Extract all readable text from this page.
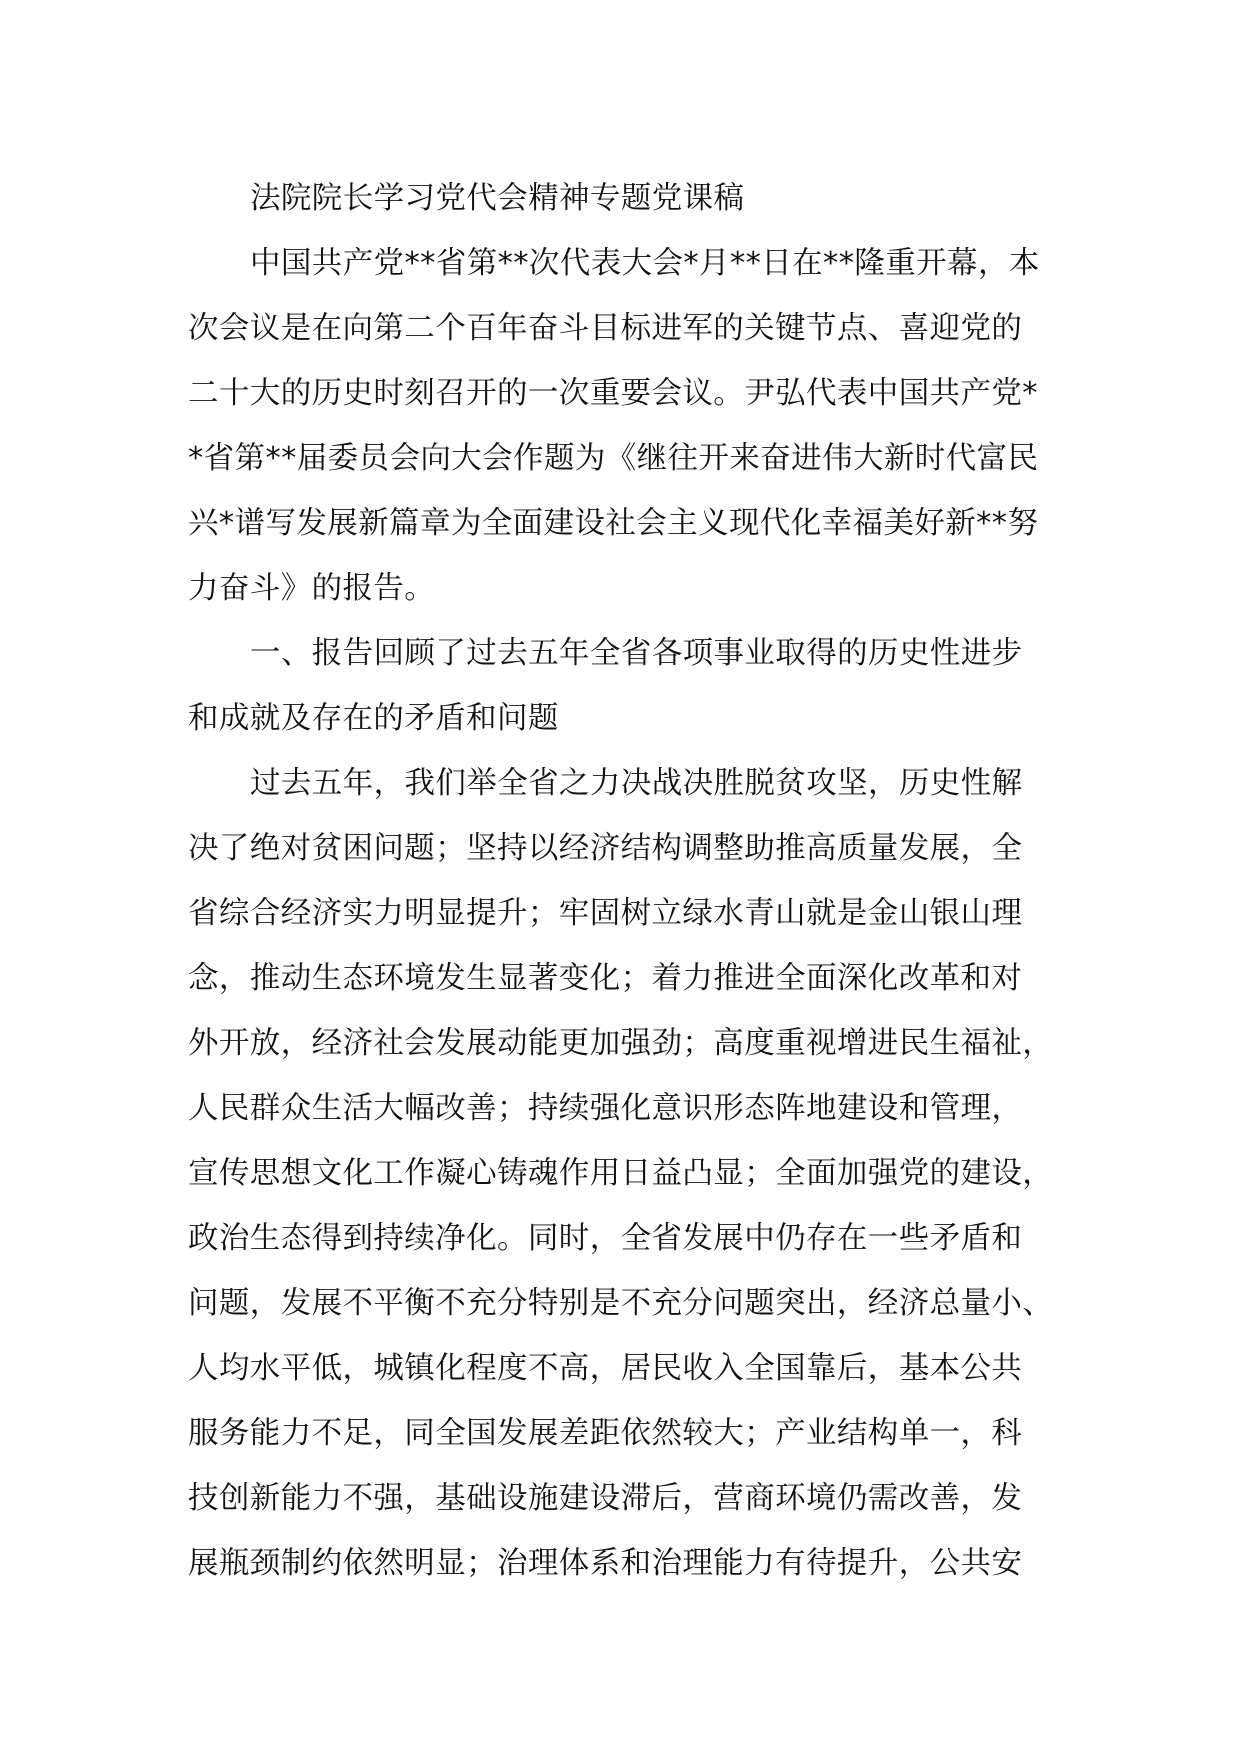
法院院长学习党代会精神专题党课稿
中国共产党**省第**次代表大会*月**日在**隆重开幕，本
次会议是在向第二个百年奋斗目标进军的关键节点、喜迎党的
二十大的历史时刻召开的一次重要会议。尹弘代表中国共产党*
*省第**届委员会向大会作题为《继往开来奋进伟大新时代富民
兴*谱写发展新篇章为全面建设社会主义现代化幸福美好新**努
力奋斗》的报告。
一、报告回顾了过去五年全省各项事业取得的历史性进步
和成就及存在的矛盾和问题
过去五年，我们举全省之力决战决胜脱贫攻坚，历史性解
决了绝对贫困问题；坚持以经济结构调整助推高质量发展，全
省综合经济实力明显提升；牢固树立绿水青山就是金山银山理
念，推动生态环境发生显著变化；着力推进全面深化改革和对
外开放，经济社会发展动能更加强劲；高度重视增进民生福祉，
人民群众生活大幅改善；持续强化意识形态阵地建设和管理，
宣传思想文化工作凝心铸魂作用日益凸显；全面加强党的建设，
政治生态得到持续净化。同时，全省发展中仍存在一些矛盾和
问题，发展不平衡不充分特别是不充分问题突出，经济总量小、
人均水平低，城镇化程度不高，居民收入全国靠后，基本公共
服务能力不足，同全国发展差距依然较大；产业结构单一，科
技创新能力不强，基础设施建设滞后，营商环境仍需改善，发
展瓶颈制约依然明显；治理体系和治理能力有待提升，公共安
